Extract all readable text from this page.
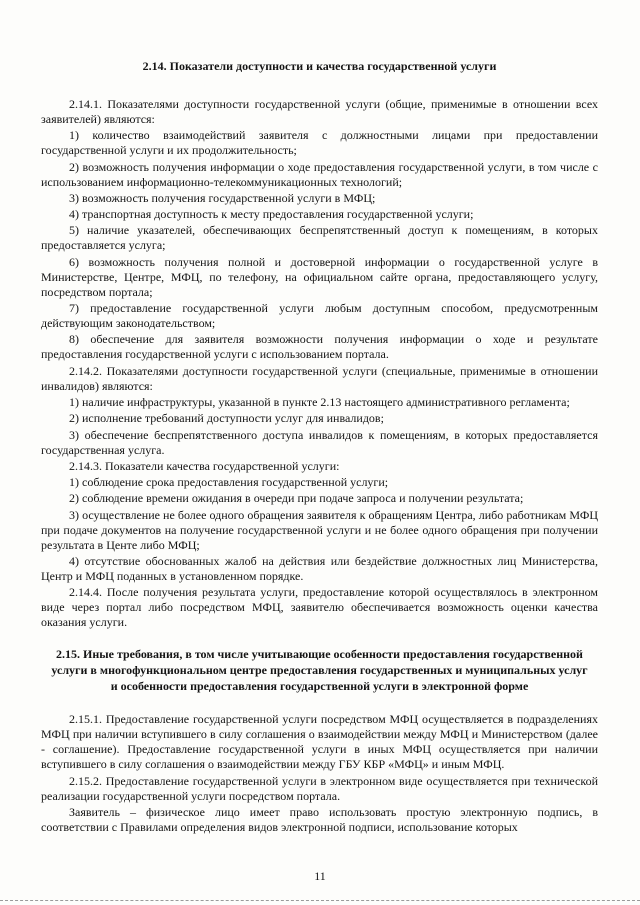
2.14. Показатели доступности и качества государственной услуги

2.14.1. Показателями доступности государственной услуги (общие, применимые в отношении всех заявителей) являются:

1) количество взаимодействий заявителя с должностными лицами при предоставлении государственной услуги и их продолжительность;

2) возможность получения информации о ходе предоставления государственной услуги, в том числе с использованием информационно-телекоммуникационных технологий;

3) возможность получения государственной услуги в МФЦ;

4) транспортная доступность к месту предоставления государственной услуги;

5) наличие указателей, обеспечивающих беспрепятственный доступ к помещениям, в которых предоставляется услуга;

6) возможность получения полной и достоверной информации о государственной услуге в Министерстве, Центре, МФЦ, по телефону, на официальном сайте органа, предоставляющего услугу, посредством портала;

7) предоставление государственной услуги любым доступным способом, предусмотренным действующим законодательством;

8) обеспечение для заявителя возможности получения информации о ходе и результате предоставления государственной услуги с использованием портала.

2.14.2. Показателями доступности государственной услуги (специальные, применимые в отношении инвалидов) являются:

1) наличие инфраструктуры, указанной в пункте 2.13 настоящего административного регламента;

2) исполнение требований доступности услуг для инвалидов;

3) обеспечение беспрепятственного доступа инвалидов к помещениям, в которых предоставляется государственная услуга.

2.14.3. Показатели качества государственной услуги:

1) соблюдение срока предоставления государственной услуги;

2) соблюдение времени ожидания в очереди при подаче запроса и получении результата;

3) осуществление не более одного обращения заявителя к обращениям Центра, либо работникам МФЦ при подаче документов на получение государственной услуги и не более одного обращения при получении результата в Центе либо МФЦ;

4) отсутствие обоснованных жалоб на действия или бездействие должностных лиц Министерства, Центр и МФЦ поданных в установленном порядке.

2.14.4. После получения результата услуги, предоставление которой осуществлялось в электронном виде через портал либо посредством МФЦ, заявителю обеспечивается возможность оценки качества оказания услуги.

2.15. Иные требования, в том числе учитывающие особенности предоставления государственной услуги в многофункциональном центре предоставления государственных и муниципальных услуг и особенности предоставления государственной услуги в электронной форме

2.15.1. Предоставление государственной услуги посредством МФЦ осуществляется в подразделениях МФЦ при наличии вступившего в силу соглашения о взаимодействии между МФЦ и Министерством (далее - соглашение). Предоставление государственной услуги в иных МФЦ осуществляется при наличии вступившего в силу соглашения о взаимодействии между ГБУ КБР «МФЦ» и иным МФЦ.

2.15.2. Предоставление государственной услуги в электронном виде осуществляется при технической реализации государственной услуги посредством портала.

Заявитель – физическое лицо имеет право использовать простую электронную подпись, в соответствии с Правилами определения видов электронной подписи, использование которых

11
